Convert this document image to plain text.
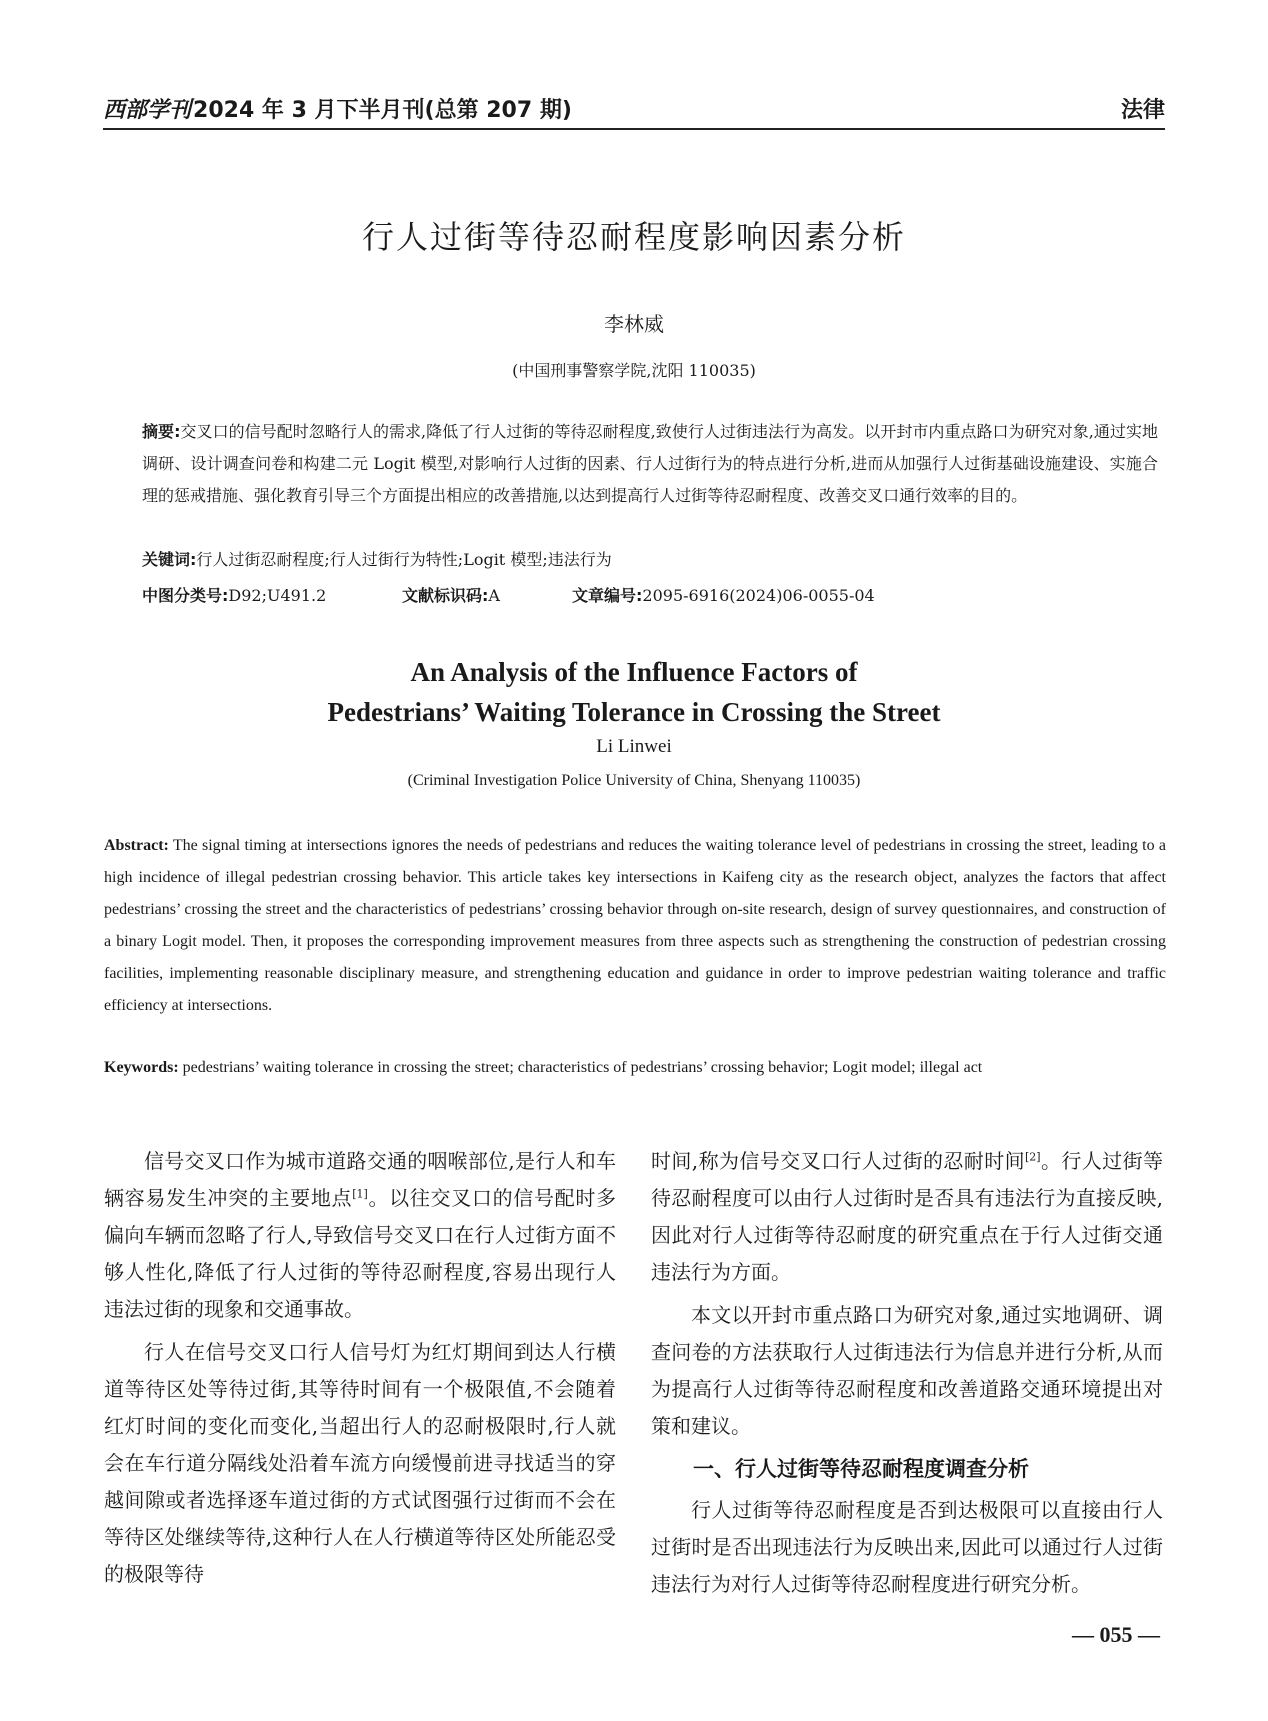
西部学刊 2024 年 3 月下半月刊(总第 207 期)	法律
行人过街等待忍耐程度影响因素分析
李林威
(中国刑事警察学院,沈阳 110035)
摘要:交叉口的信号配时忽略行人的需求,降低了行人过街的等待忍耐程度,致使行人过街违法行为高发。以开封市内重点路口为研究对象,通过实地调研、设计调查问卷和构建二元 Logit 模型,对影响行人过街的因素、行人过街行为的特点进行分析,进而从加强行人过街基础设施建设、实施合理的惩戒措施、强化教育引导三个方面提出相应的改善措施,以达到提高行人过街等待忍耐程度、改善交叉口通行效率的目的。
关键词:行人过街忍耐程度;行人过街行为特性;Logit 模型;违法行为
中图分类号:D92;U491.2	文献标识码:A	文章编号:2095-6916(2024)06-0055-04
An Analysis of the Influence Factors of
Pedestrians’ Waiting Tolerance in Crossing the Street
Li Linwei
(Criminal Investigation Police University of China, Shenyang 110035)
Abstract: The signal timing at intersections ignores the needs of pedestrians and reduces the waiting tolerance level of pedestrians in crossing the street, leading to a high incidence of illegal pedestrian crossing behavior. This article takes key intersections in Kaifeng city as the research object, analyzes the factors that affect pedestrians’ crossing the street and the characteristics of pedestrians’ crossing behavior through on-site research, design of survey questionnaires, and construction of a binary Logit model. Then, it proposes the corresponding improvement measures from three aspects such as strengthening the construction of pedestrian crossing facilities, implementing reasonable disciplinary measure, and strengthening education and guidance in order to improve pedestrian waiting tolerance and traffic efficiency at intersections.
Keywords: pedestrians’ waiting tolerance in crossing the street; characteristics of pedestrians’ crossing behavior; Logit model; illegal act

信号交叉口作为城市道路交通的咽喉部位,是行人和车辆容易发生冲突的主要地点[1]。以往交叉口的信号配时多偏向车辆而忽略了行人,导致信号交叉口在行人过街方面不够人性化,降低了行人过街的等待忍耐程度,容易出现行人违法过街的现象和交通事故。

行人在信号交叉口行人信号灯为红灯期间到达人行横道等待区处等待过街,其等待时间有一个极限值,不会随着红灯时间的变化而变化,当超出行人的忍耐极限时,行人就会在车行道分隔线处沿着车流方向缓慢前进寻找适当的穿越间隙或者选择逐车道过街的方式试图强行过街而不会在等待区处继续等待,这种行人在人行横道等待区处所能忍受的极限等待

时间,称为信号交叉口行人过街的忍耐时间[2]。行人过街等待忍耐程度可以由行人过街时是否具有违法行为直接反映,因此对行人过街等待忍耐度的研究重点在于行人过街交通违法行为方面。

本文以开封市重点路口为研究对象,通过实地调研、调查问卷的方法获取行人过街违法行为信息并进行分析,从而为提高行人过街等待忍耐程度和改善道路交通环境提出对策和建议。

一、行人过街等待忍耐程度调查分析

行人过街等待忍耐程度是否到达极限可以直接由行人过街时是否出现违法行为反映出来,因此可以通过行人过街违法行为对行人过街等待忍耐程度进行研究分析。

— 055 —
